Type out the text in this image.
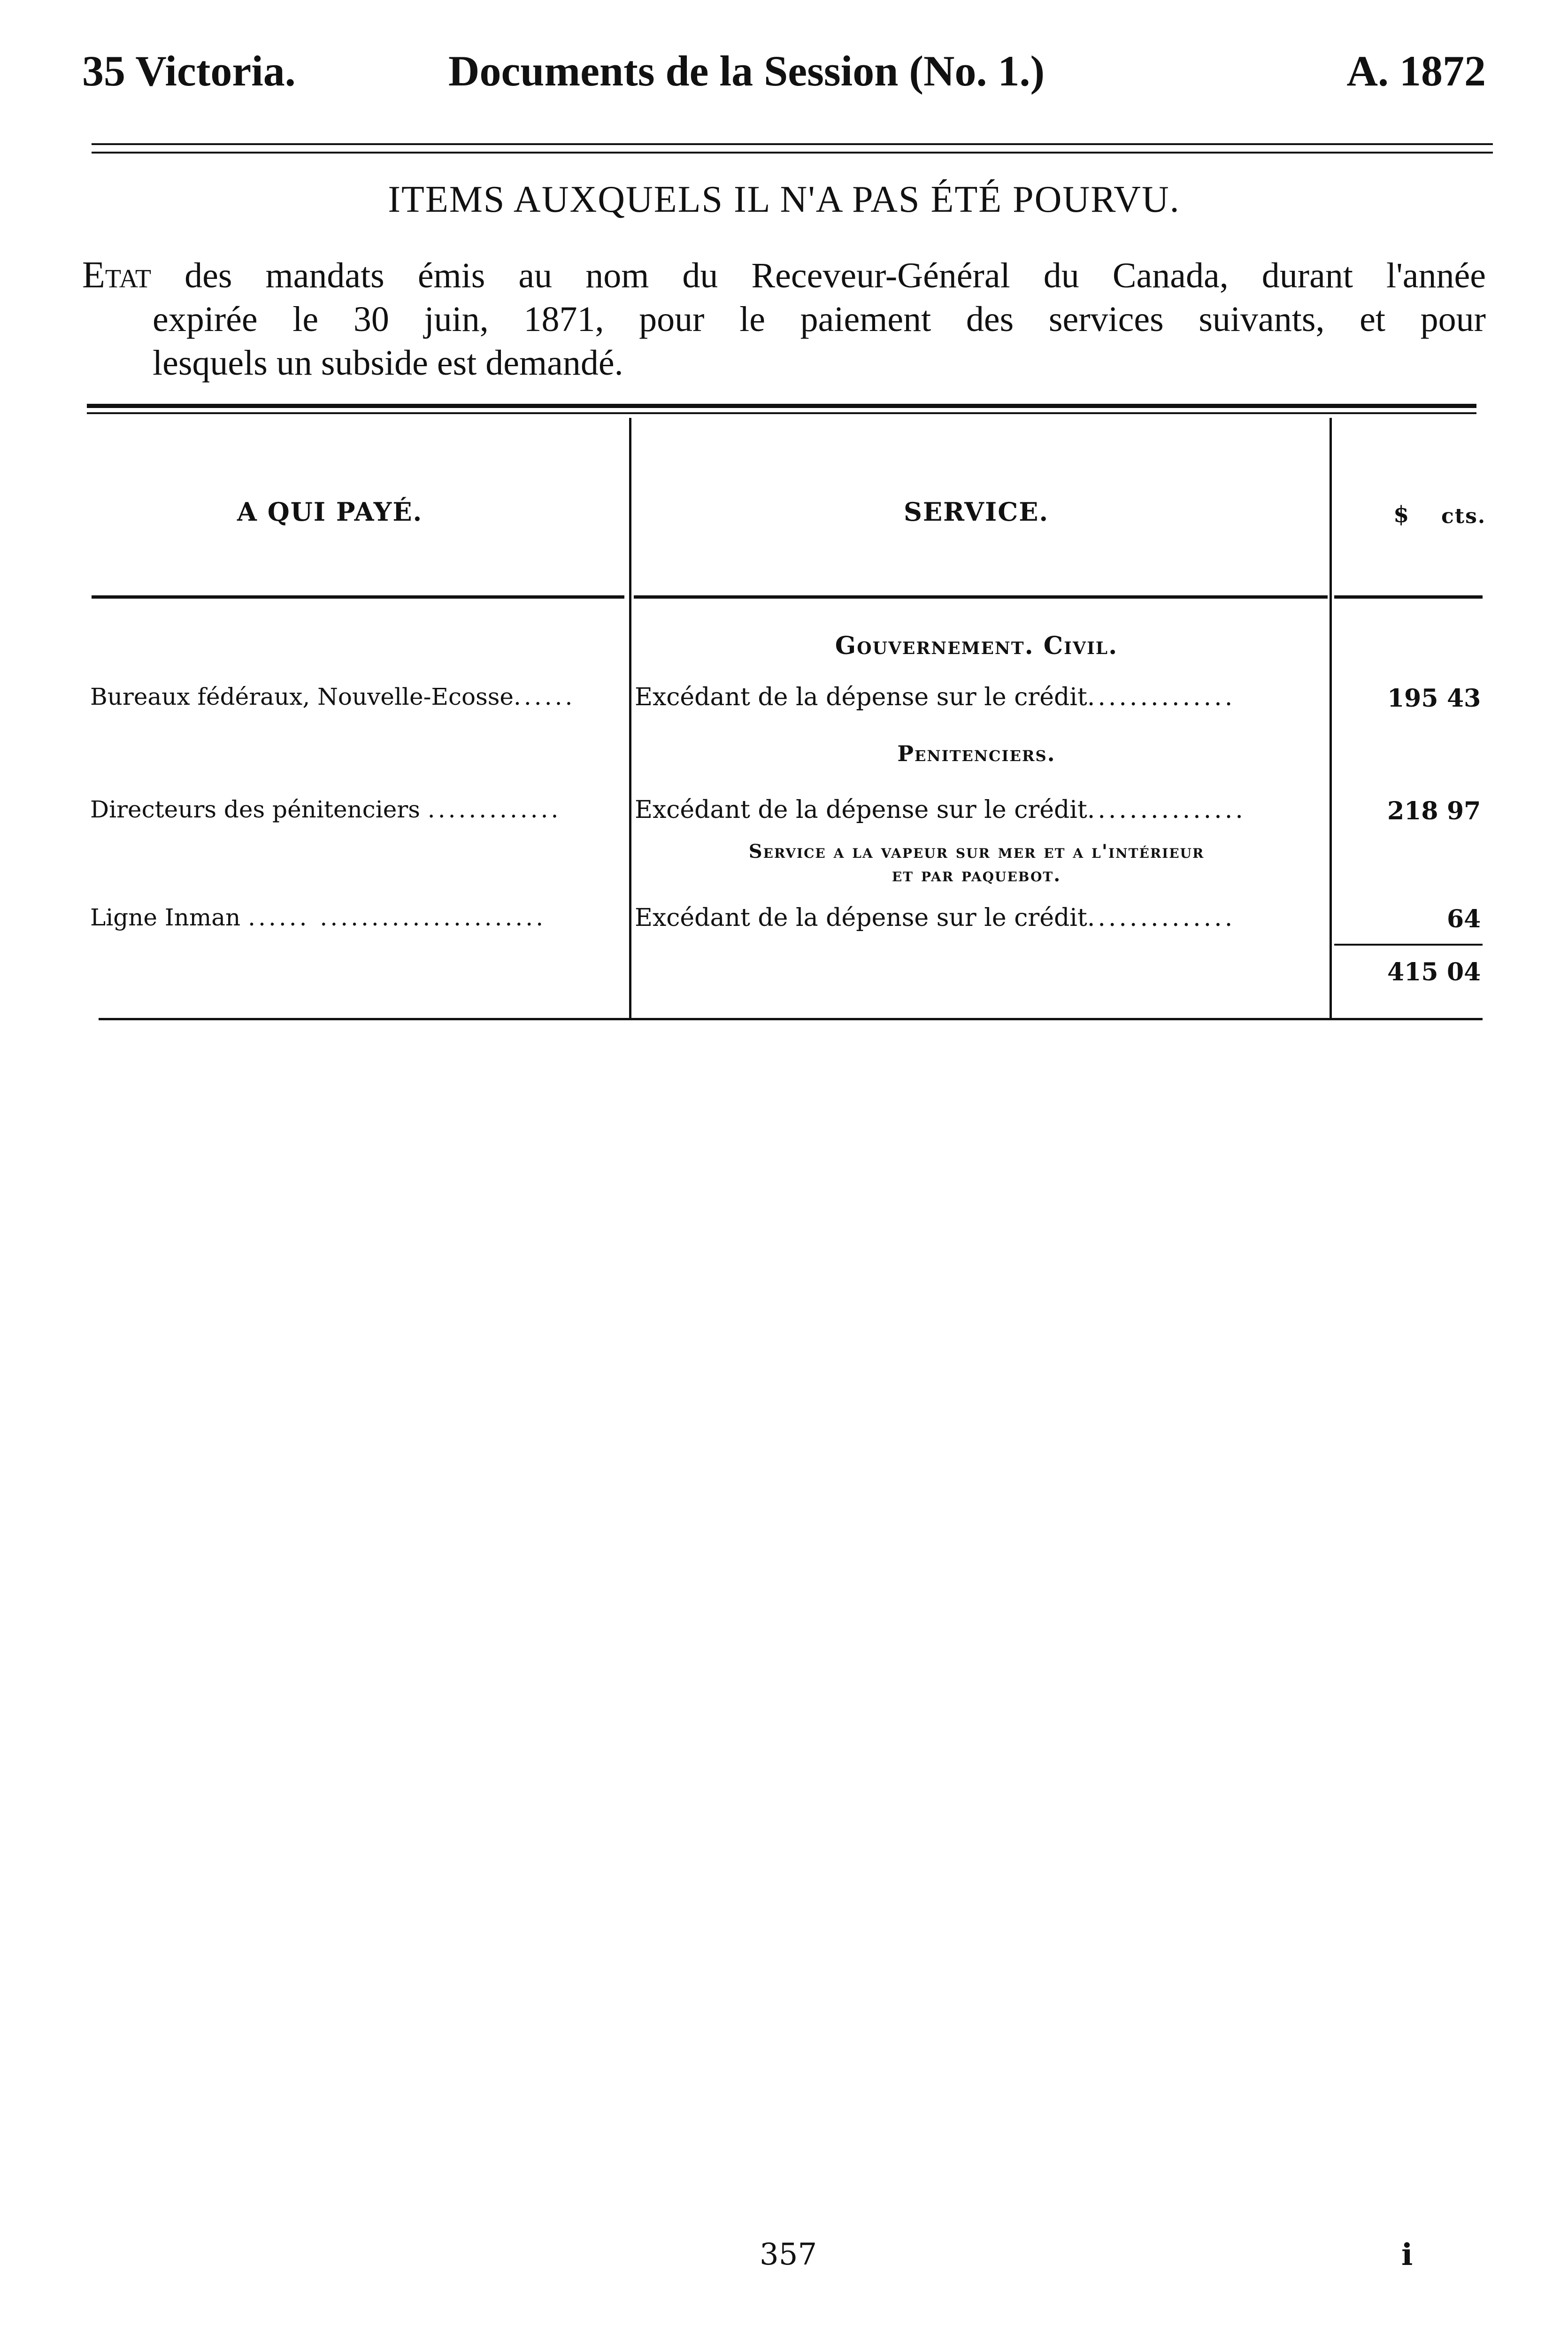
35 Victoria.	Documents de la Session (No. 1.)	A. 1872
ITEMS AUXQUELS IL N'A PAS ÉTÉ POURVU.
Etat des mandats émis au nom du Receveur-Général du Canada, durant l'année
expirée le 30 juin, 1871, pour le paiement des services suivants, et pour
lesquels un subside est demandé.
A QUI PAYÉ.	SERVICE.	$ cts.
Gouvernement. Civil.
Bureaux fédéraux, Nouvelle-Ecosse...... Excédant de la dépense sur le crédit..............	195 43
Penitenciers.
Directeurs des pénitenciers .............	Excédant de la dépense sur le crédit...............	218 97
Service a la vapeur sur mer et a l'intérieur
et par paquebot.
Ligne Inman ...... ......................	Excédant de la dépense sur le crédit..............	64
415 04
357	i
